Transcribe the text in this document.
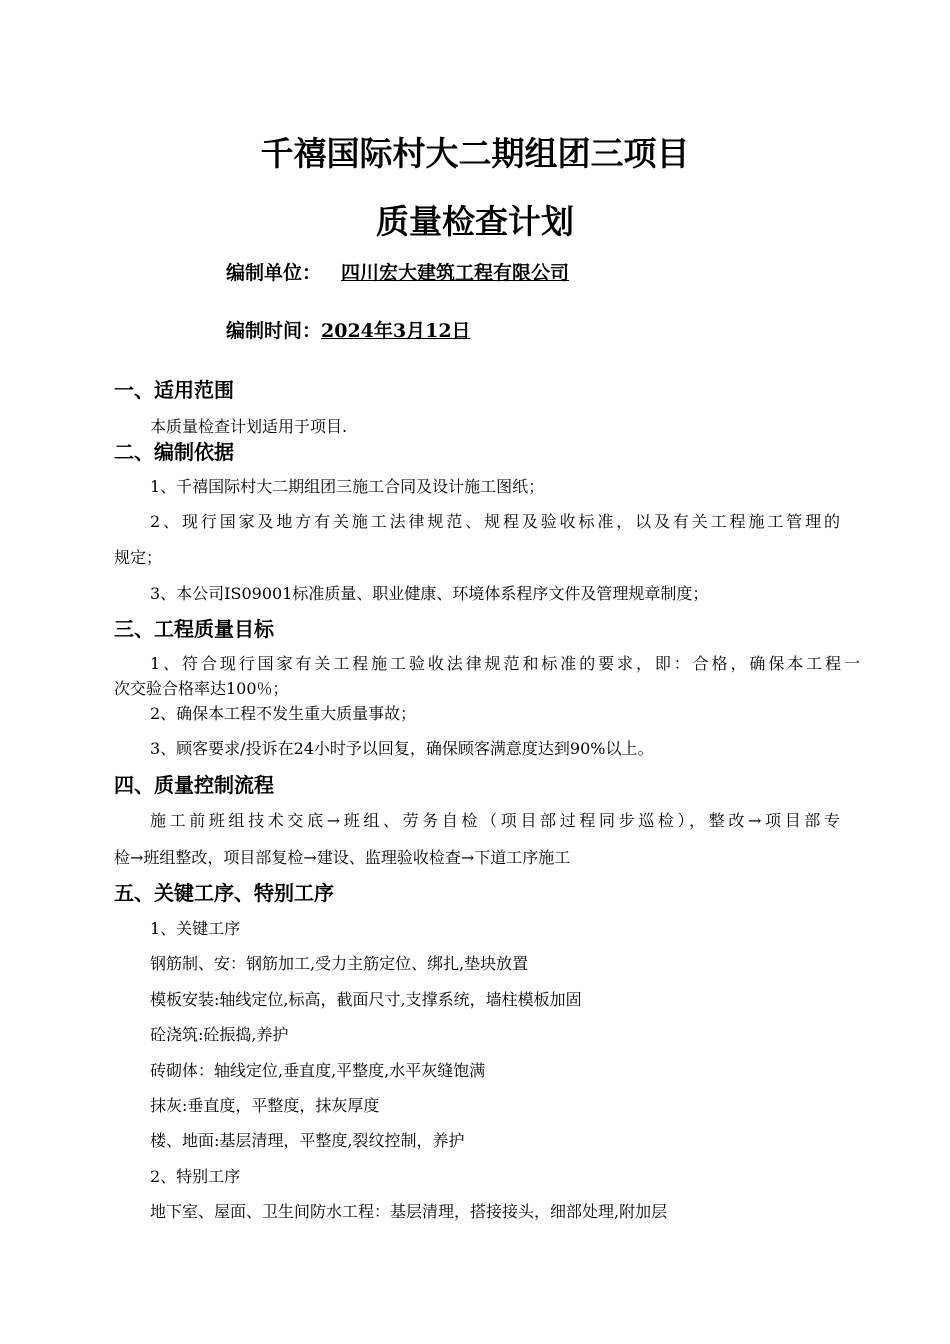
千禧国际村大二期组团三项目
质量检查计划
编制单位： 四川宏大建筑工程有限公司
编制时间：2024年3月12日
一、适用范围

本质量检查计划适用于项目.

二、编制依据

1、千禧国际村大二期组团三施工合同及设计施工图纸；

2、现行国家及地方有关施工法律规范、规程及验收标准，以及有关工程施工管理的

规定；

3、本公司IS09001标准质量、职业健康、环境体系程序文件及管理规章制度；

三、工程质量目标

1、符合现行国家有关工程施工验收法律规范和标准的要求，即：合格，确保本工程一

次交验合格率达100％；

2、确保本工程不发生重大质量事故；

3、顾客要求/投诉在24小时予以回复，确保顾客满意度达到90%以上。

四、质量控制流程

施工前班组技术交底→班组、劳务自检（项目部过程同步巡检），整改→项目部专

检→班组整改，项目部复检→建设、监理验收检查→下道工序施工

五、关键工序、特别工序

1、关键工序

钢筋制、安：钢筋加工,受力主筋定位、绑扎,垫块放置

模板安装:轴线定位,标高，截面尺寸,支撑系统，墙柱模板加固

砼浇筑:砼振捣,养护

砖砌体：轴线定位,垂直度,平整度,水平灰缝饱满

抹灰:垂直度，平整度，抹灰厚度

楼、地面:基层清理，平整度,裂纹控制，养护

2、特别工序

地下室、屋面、卫生间防水工程：基层清理，搭接接头，细部处理,附加层
